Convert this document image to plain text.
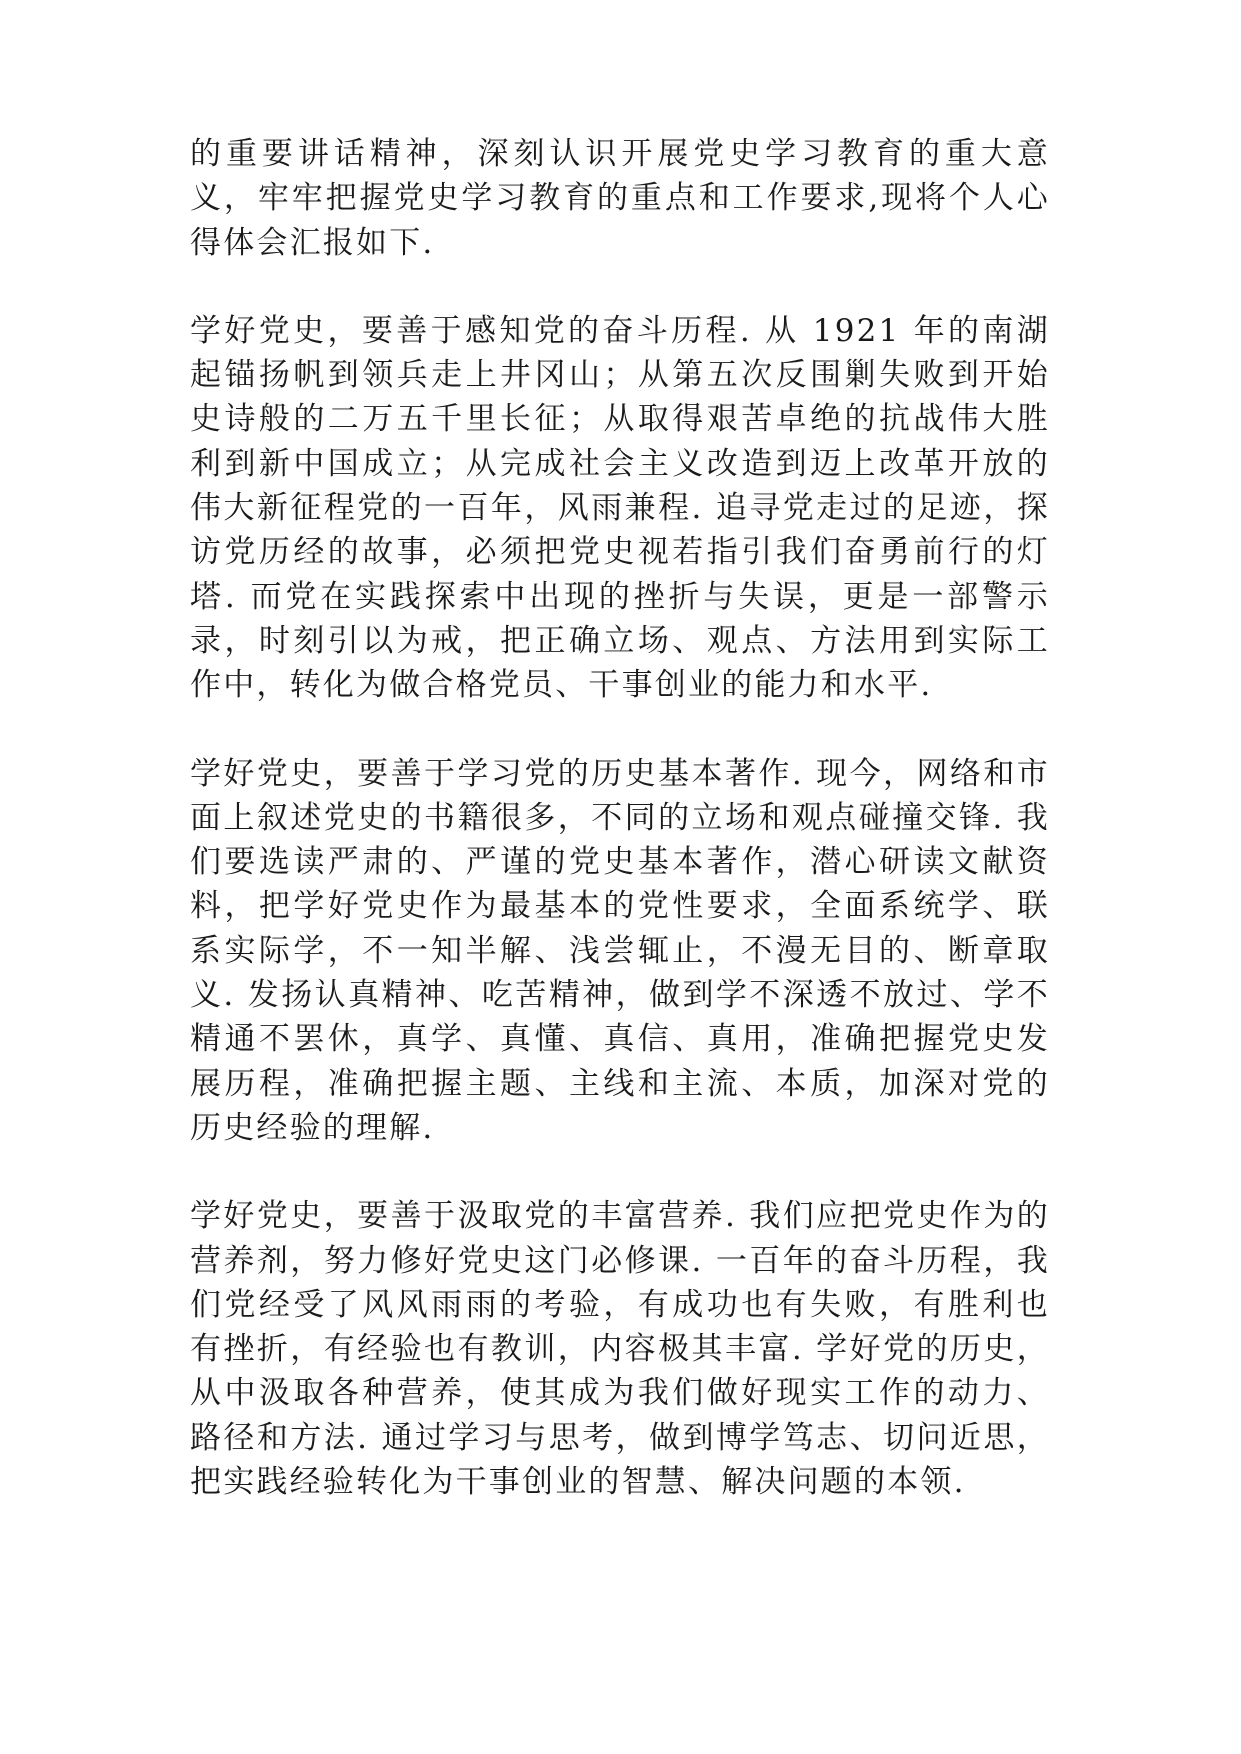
的重要讲话精神，深刻认识开展党史学习教育的重大意义，牢牢把握党史学习教育的重点和工作要求,现将个人心得体会汇报如下.

学好党史，要善于感知党的奋斗历程. 从 1921 年的南湖起锚扬帆到领兵走上井冈山；从第五次反围剿失败到开始史诗般的二万五千里长征；从取得艰苦卓绝的抗战伟大胜利到新中国成立；从完成社会主义改造到迈上改革开放的伟大新征程党的一百年，风雨兼程. 追寻党走过的足迹，探访党历经的故事，必须把党史视若指引我们奋勇前行的灯塔. 而党在实践探索中出现的挫折与失误，更是一部警示录，时刻引以为戒，把正确立场、观点、方法用到实际工作中，转化为做合格党员、干事创业的能力和水平.

学好党史，要善于学习党的历史基本著作. 现今，网络和市面上叙述党史的书籍很多，不同的立场和观点碰撞交锋. 我们要选读严肃的、严谨的党史基本著作，潜心研读文献资料，把学好党史作为最基本的党性要求，全面系统学、联系实际学，不一知半解、浅尝辄止，不漫无目的、断章取义. 发扬认真精神、吃苦精神，做到学不深透不放过、学不精通不罢休，真学、真懂、真信、真用，准确把握党史发展历程，准确把握主题、主线和主流、本质，加深对党的历史经验的理解.

学好党史，要善于汲取党的丰富营养. 我们应把党史作为的营养剂，努力修好党史这门必修课. 一百年的奋斗历程，我们党经受了风风雨雨的考验，有成功也有失败，有胜利也有挫折，有经验也有教训，内容极其丰富. 学好党的历史，从中汲取各种营养，使其成为我们做好现实工作的动力、路径和方法. 通过学习与思考，做到博学笃志、切问近思，把实践经验转化为干事创业的智慧、解决问题的本领.
